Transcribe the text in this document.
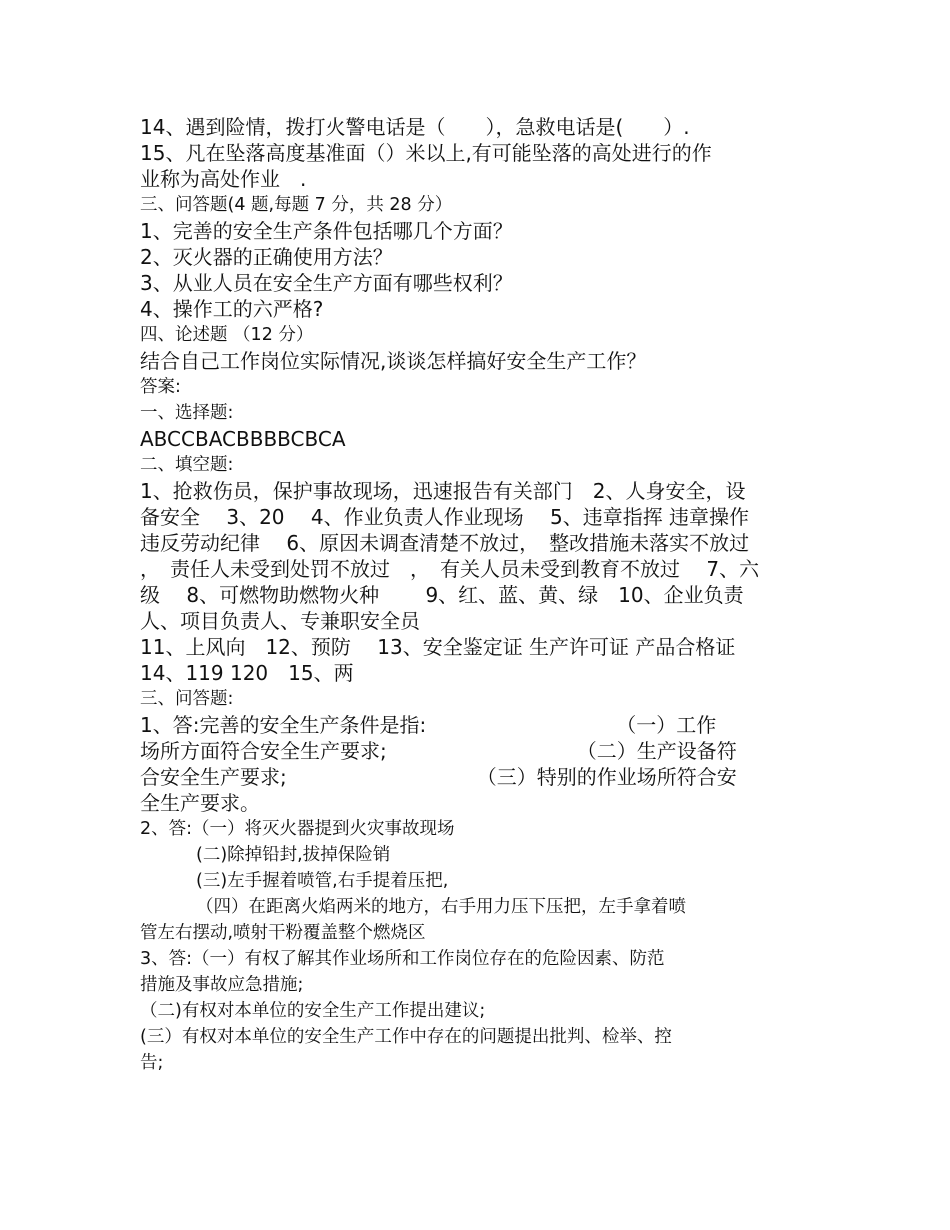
14、遇到险情，拨打火警电话是（　　），急救电话是(　　）.
15、凡在坠落高度基准面（）米以上,有可能坠落的高处进行的作
业称为高处作业　.
三、问答题(4 题,每题 7 分，共 28 分）
1、完善的安全生产条件包括哪几个方面？
2、灭火器的正确使用方法？
3、从业人员在安全生产方面有哪些权利？
4、操作工的六严格?
四、论述题 （12 分）
结合自己工作岗位实际情况,谈谈怎样搞好安全生产工作？
答案:
一、选择题:
ABCCBACBBBBCBCA
二、填空题:
1、抢救伤员，保护事故现场，迅速报告有关部门　2、人身安全，设
备安全　 3、20　 4、作业负责人作业现场　 5、违章指挥 违章操作
违反劳动纪律　 6、原因未调查清楚不放过，　整改措施未落实不放过
，　责任人未受到处罚不放过　，　有关人员未受到教育不放过　 7、六
级　 8、可燃物助燃物火种　　 9、红、蓝、黄、绿　10、企业负责
人、项目负责人、专兼职安全员
11、上风向　12、预防　 13、安全鉴定证 生产许可证 产品合格证
14、119 120　15、两
三、问答题:
1、答:完善的安全生产条件是指:　　　　　　　　　　（一）工作
场所方面符合安全生产要求;　　　　　　　　　　（二）生产设备符
合安全生产要求;　　　　　　　　　　（三）特别的作业场所符合安
全生产要求。
2、答:（一）将灭火器提到火灾事故现场
(二)除掉铅封,拔掉保险销
(三)左手握着喷管,右手提着压把,
（四）在距离火焰两米的地方，右手用力压下压把，左手拿着喷
管左右摆动,喷射干粉覆盖整个燃烧区
3、答:（一）有权了解其作业场所和工作岗位存在的危险因素、防范
措施及事故应急措施;
（二)有权对本单位的安全生产工作提出建议;
(三）有权对本单位的安全生产工作中存在的问题提出批判、检举、控
告;
